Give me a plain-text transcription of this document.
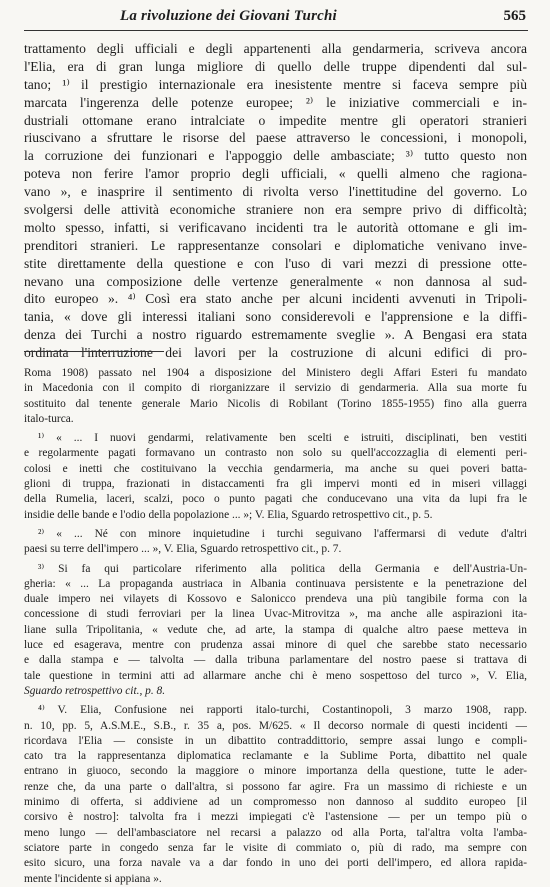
La rivoluzione dei Giovani Turchi	565
trattamento degli ufficiali e degli appartenenti alla gendarmeria, scriveva ancora
l'Elia, era di gran lunga migliore di quello delle truppe dipendenti dal sul-
tano; ¹⁾ il prestigio internazionale era inesistente mentre si faceva sempre più
marcata l'ingerenza delle potenze europee; ²⁾ le iniziative commerciali e in-
dustriali ottomane erano intralciate o impedite mentre gli operatori stranieri
riuscivano a sfruttare le risorse del paese attraverso le concessioni, i monopoli,
la corruzione dei funzionari e l'appoggio delle ambasciate; ³⁾ tutto questo non
poteva non ferire l'amor proprio degli ufficiali, « quelli almeno che ragiona-
vano », e inasprire il sentimento di rivolta verso l'inettitudine del governo. Lo
svolgersi delle attività economiche straniere non era sempre privo di difficoltà;
molto spesso, infatti, si verificavano incidenti tra le autorità ottomane e gli im-
prenditori stranieri. Le rappresentanze consolari e diplomatiche venivano inve-
stite direttamente della questione e con l'uso di vari mezzi di pressione otte-
nevano una composizione delle vertenze generalmente « non dannosa al sud-
dito europeo ». ⁴⁾ Così era stato anche per alcuni incidenti avvenuti in Tripoli-
tania, « dove gli interessi italiani sono considerevoli e l'apprensione e la diffi-
denza dei Turchi a nostro riguardo estremamente sveglie ». A Bengasi era stata
ordinata l'interruzione dei lavori per la costruzione di alcuni edifici di pro-
Roma 1908) passato nel 1904 a disposizione del Ministero degli Affari Esteri fu mandato
in Macedonia con il compito di riorganizzare il servizio di gendarmeria. Alla sua morte fu
sostituito dal tenente generale Mario Nicolis di Robilant (Torino 1855-1955) fino alla guerra
italo-turca.
¹⁾ « ... I nuovi gendarmi, relativamente ben scelti e istruiti, disciplinati, ben vestiti
e regolarmente pagati formavano un contrasto non solo su quell'accozzaglia di elementi peri-
colosi e inetti che costituivano la vecchia gendarmeria, ma anche su quei poveri batta-
glioni di truppa, frazionati in distaccamenti fra gli impervi monti ed in miseri villaggi
della Rumelia, laceri, scalzi, poco o punto pagati che conducevano una vita da lupi fra le
insidie delle bande e l'odio della popolazione ... »; V. Elia, Sguardo retrospettivo cit., p. 5.
²⁾ « ... Né con minore inquietudine i turchi seguivano l'affermarsi di vedute d'altri
paesi su terre dell'impero ... », V. Elia, Sguardo retrospettivo cit., p. 7.
³⁾ Si fa qui particolare riferimento alla politica della Germania e dell'Austria-Un-
gheria: « ... La propaganda austriaca in Albania continuava persistente e la penetrazione del
duale impero nei vilayets di Kossovo e Salonicco prendeva una più tangibile forma con la
concessione di studi ferroviari per la linea Uvac-Mitrovitza », ma anche alle aspirazioni ita-
liane sulla Tripolitania, « vedute che, ad arte, la stampa di qualche altro paese metteva in
luce ed esagerava, mentre con prudenza assai minore di quel che sarebbe stato necessario
e dalla stampa e — talvolta — dalla tribuna parlamentare del nostro paese si trattava di
tale questione in termini atti ad allarmare anche chi è meno sospettoso del turco », V. Elia,
Sguardo retrospettivo cit., p. 8.
⁴⁾ V. Elia, Confusione nei rapporti italo-turchi, Costantinopoli, 3 marzo 1908, rapp.
n. 10, pp. 5, A.S.M.E., S.B., r. 35 a, pos. M/625. « Il decorso normale di questi incidenti —
ricordava l'Elia — consiste in un dibattito contraddittorio, sempre assai lungo e compli-
cato tra la rappresentanza diplomatica reclamante e la Sublime Porta, dibattito nel quale
entrano in giuoco, secondo la maggiore o minore importanza della questione, tutte le ader-
renze che, da una parte o dall'altra, si possono far agire. Fra un massimo di richieste e un
minimo di offerta, si addiviene ad un compromesso non dannoso al suddito europeo [il
corsivo è nostro]: talvolta fra i mezzi impiegati c'è l'astensione — per un tempo più o
meno lungo — dell'ambasciatore nel recarsi a palazzo od alla Porta, tal'altra volta l'amba-
sciatore parte in congedo senza far le visite di commiato o, più di rado, ma sempre con
esito sicuro, una forza navale va a dar fondo in uno dei porti dell'impero, ed allora rapida-
mente l'incidente si appiana ».
